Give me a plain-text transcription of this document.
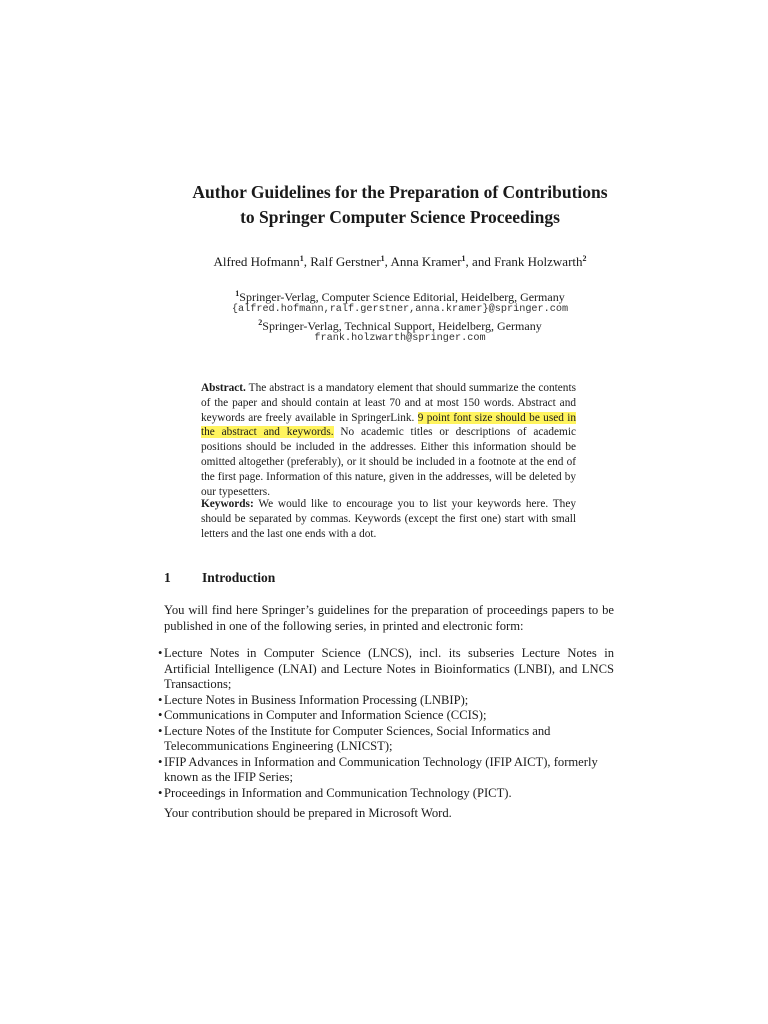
Author Guidelines for the Preparation of Contributions
to Springer Computer Science Proceedings
Alfred Hofmann$^1$, Ralf Gerstner$^1$, Anna Kramer$^1$, and Frank Holzwarth$^2$
$^1$Springer-Verlag, Computer Science Editorial, Heidelberg, Germany
{alfred.hofmann,ralf.gerstner,anna.kramer}@springer.com
$^2$Springer-Verlag, Technical Support, Heidelberg, Germany
frank.holzwarth@springer.com
Abstract. The abstract is a mandatory element that should summarize the contents of the paper and should contain at least 70 and at most 150 words. Abstract and keywords are freely available in SpringerLink. 9 point font size should be used in the abstract and keywords. No academic titles or descriptions of academic positions should be included in the addresses. Either this information should be omitted altogether (preferably), or it should be included in a footnote at the end of the first page. Information of this nature, given in the addresses, will be deleted by our typesetters.
Keywords: We would like to encourage you to list your keywords here. They should be separated by commas. Keywords (except the first one) start with small letters and the last one ends with a dot.
1 Introduction
You will find here Springer’s guidelines for the preparation of proceedings papers to be published in one of the following series, in printed and electronic form:
• Lecture Notes in Computer Science (LNCS), incl. its subseries Lecture Notes in Artificial Intelligence (LNAI) and Lecture Notes in Bioinformatics (LNBI), and LNCS Transactions;
• Lecture Notes in Business Information Processing (LNBIP);
• Communications in Computer and Information Science (CCIS);
• Lecture Notes of the Institute for Computer Sciences, Social Informatics and Telecommunications Engineering (LNICST);
• IFIP Advances in Information and Communication Technology (IFIP AICT), formerly known as the IFIP Series;
• Proceedings in Information and Communication Technology (PICT).
Your contribution should be prepared in Microsoft Word.
